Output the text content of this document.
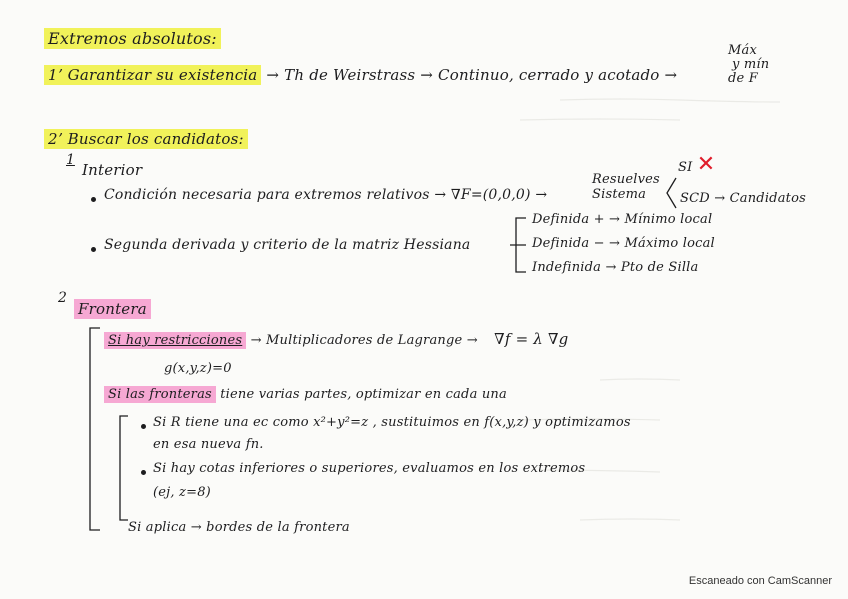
Extremos absolutos:
1ʼ Garantizar su existencia → Th de Weirstrass → Continuo, cerrado y acotado →
Máx
y mín
de F
2ʼ Buscar los candidatos:
1
Interior
Condición necesaria para extremos relativos → ∇F=(0,0,0) →
Resuelves
Sistema
SI ✕
SCD → Candidatos
Segunda derivada y criterio de la matriz Hessiana
Definida + → Mínimo local
Definida − → Máximo local
Indefinida → Pto de Silla
2
Frontera
Si hay restricciones → Multiplicadores de Lagrange → ∇f = λ ∇g
g(x,y,z)=0
Si las fronteras tiene varias partes, optimizar en cada una
Si R tiene una ec como x²+y²=z , sustituimos en f(x,y,z) y optimizamos
en esa nueva fn.
Si hay cotas inferiores o superiores, evaluamos en los extremos
(ej, z=8)
Si aplica → bordes de la frontera
Escaneado con CamScanner
